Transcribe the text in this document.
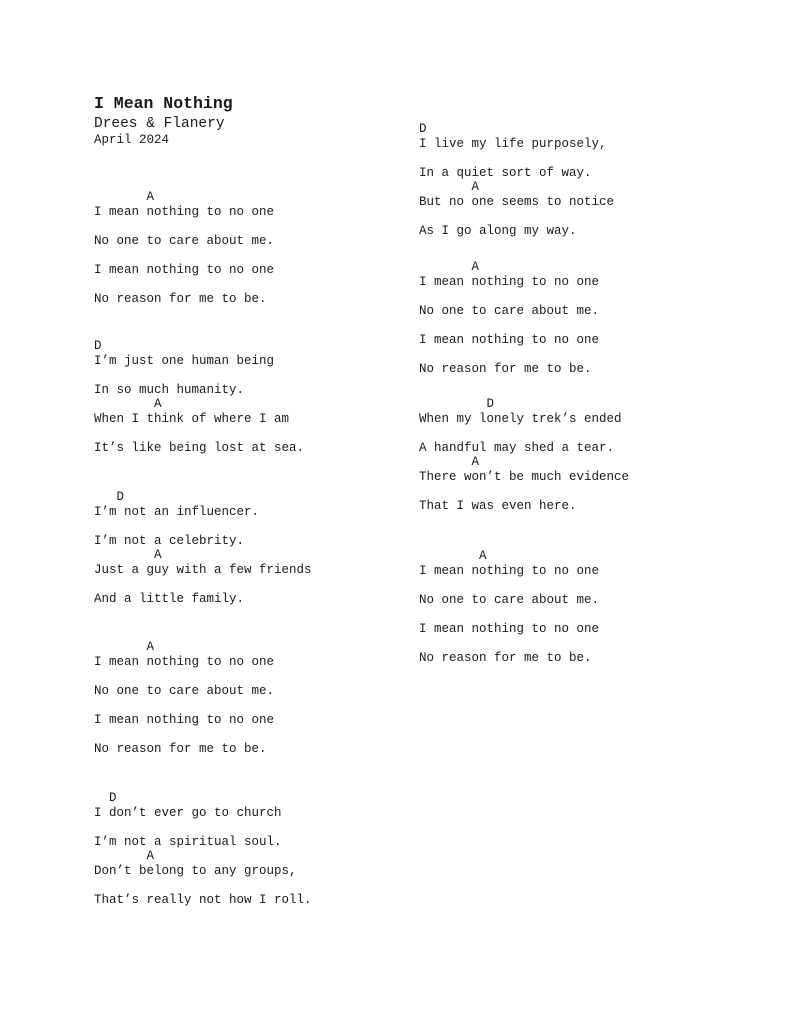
I Mean Nothing
Drees & Flanery
April 2024
A
I mean nothing to no one
No one to care about me.
I mean nothing to no one
No reason for me to be.
D
I’m just one human being
In so much humanity.
A
When I think of where I am
It’s like being lost at sea.
D
I’m not an influencer.
I’m not a celebrity.
A
Just a guy with a few friends
And a little family.
A
I mean nothing to no one
No one to care about me.
I mean nothing to no one
No reason for me to be.
D
I don’t ever go to church
I’m not a spiritual soul.
A
Don’t belong to any groups,
That’s really not how I roll.
D
I live my life purposely,
In a quiet sort of way.
A
But no one seems to notice
As I go along my way.
A
I mean nothing to no one
No one to care about me.
I mean nothing to no one
No reason for me to be.
D
When my lonely trek’s ended
A handful may shed a tear.
A
There won’t be much evidence
That I was even here.
A
I mean nothing to no one
No one to care about me.
I mean nothing to no one
No reason for me to be.
